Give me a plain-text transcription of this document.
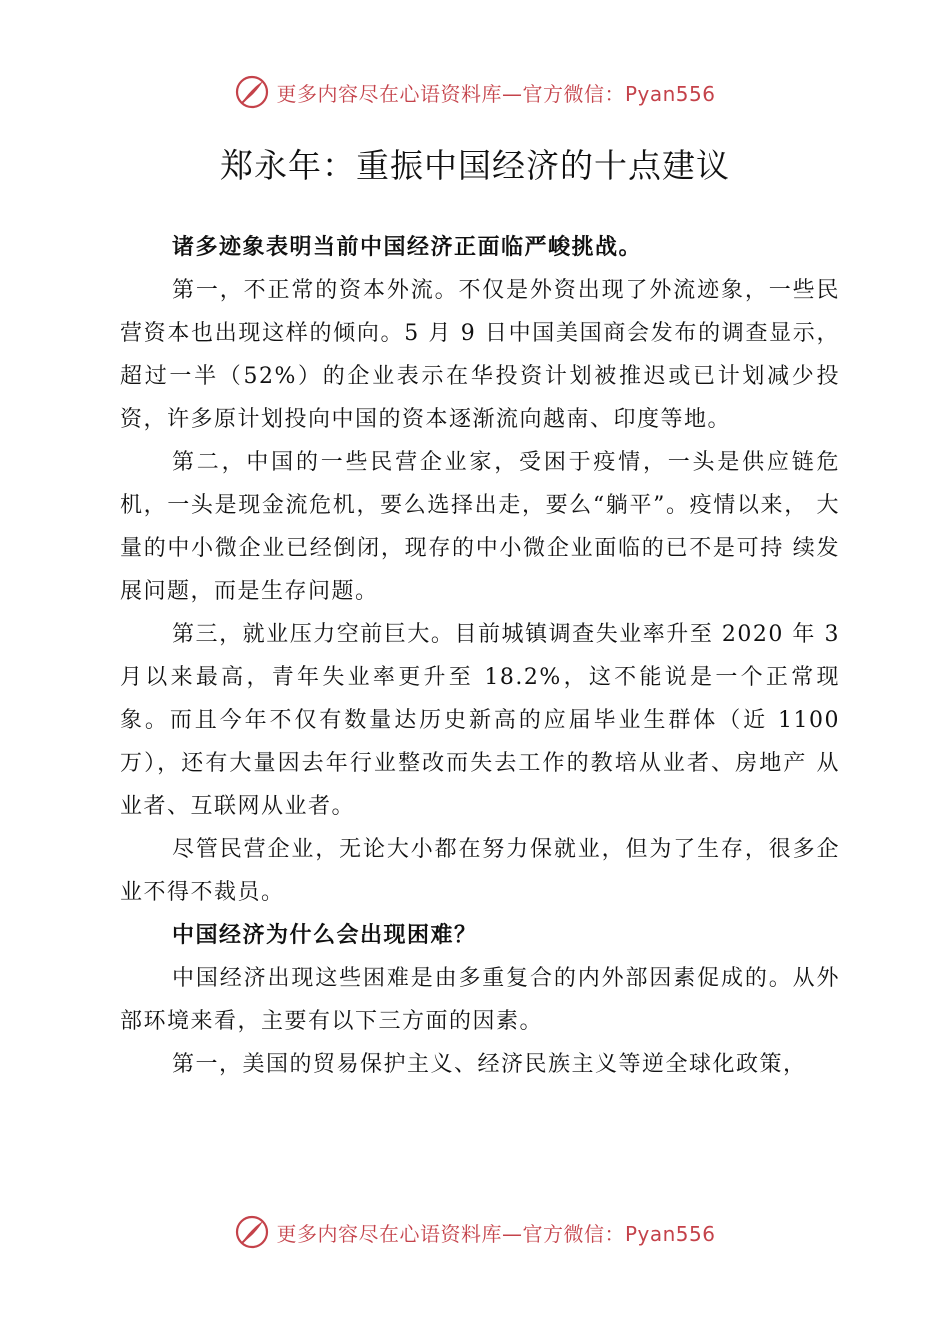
更多内容尽在心语资料库—官方微信：Pyan556
郑永年：重振中国经济的十点建议

诸多迹象表明当前中国经济正面临严峻挑战。

第一，不正常的资本外流。不仅是外资出现了外流迹象，一些民营资本也出现这样的倾向。5 月 9 日中国美国商会发布的调查显示，超过一半（52%）的企业表示在华投资计划被推迟或已计划减少投资，许多原计划投向中国的资本逐渐流向越南、印度等地。

第二，中国的一些民营企业家，受困于疫情，一头是供应链危 机，一头是现金流危机，要么选择出走，要么“躺平”。疫情以来， 大量的中小微企业已经倒闭，现存的中小微企业面临的已不是可持 续发展问题，而是生存问题。

第三，就业压力空前巨大。目前城镇调查失业率升至 2020 年 3 月以来最高，青年失业率更升至 18.2%，这不能说是一个正常现象。而且今年不仅有数量达历史新高的应届毕业生群体（近 1100 万），还有大量因去年行业整改而失去工作的教培从业者、房地产 从业者、互联网从业者。

尽管民营企业，无论大小都在努力保就业，但为了生存，很多企业不得不裁员。

中国经济为什么会出现困难？

中国经济出现这些困难是由多重复合的内外部因素促成的。从外部环境来看，主要有以下三方面的因素。

第一，美国的贸易保护主义、经济民族主义等逆全球化政策，

更多内容尽在心语资料库—官方微信：Pyan556
